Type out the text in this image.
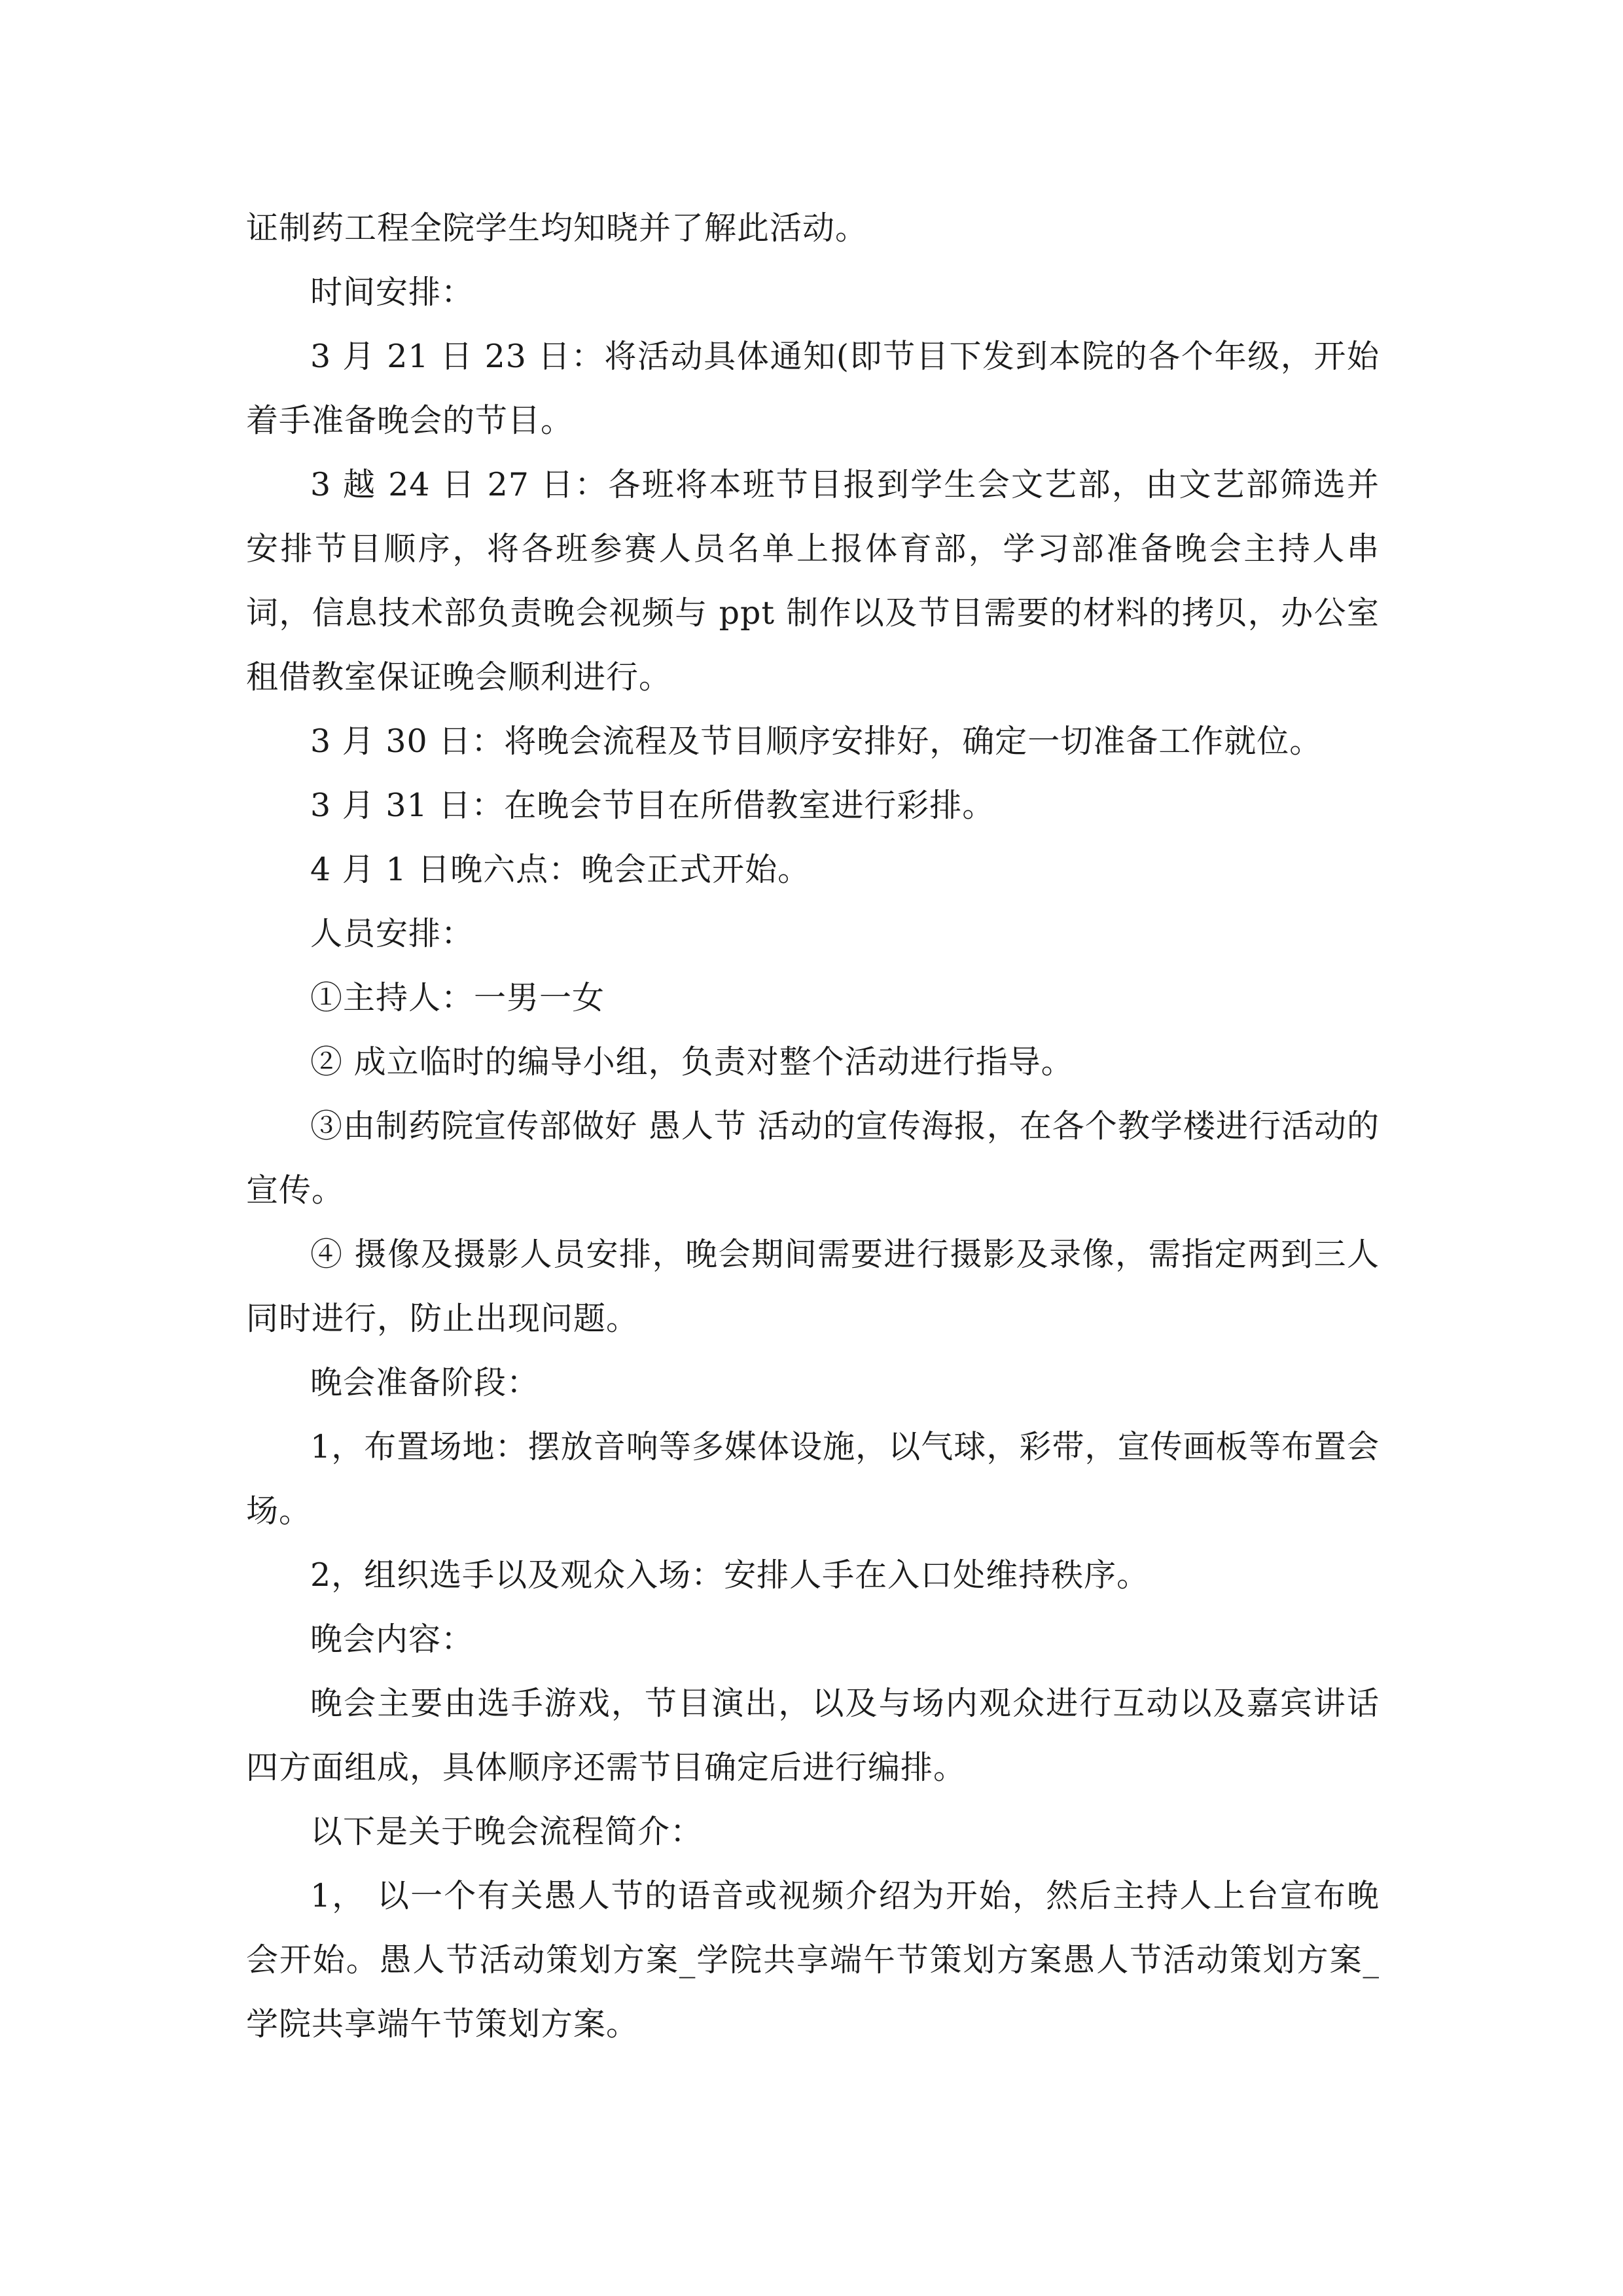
证制药工程全院学生均知晓并了解此活动。

时间安排：

3 月 21 日 23 日：将活动具体通知(即节目下发到本院的各个年级，开始着手准备晚会的节目。

3 越 24 日 27 日：各班将本班节目报到学生会文艺部，由文艺部筛选并安排节目顺序，将各班参赛人员名单上报体育部，学习部准备晚会主持人串词，信息技术部负责晚会视频与 ppt 制作以及节目需要的材料的拷贝，办公室租借教室保证晚会顺利进行。

3 月 30 日：将晚会流程及节目顺序安排好，确定一切准备工作就位。

3 月 31 日：在晚会节目在所借教室进行彩排。

4 月 1 日晚六点：晚会正式开始。

人员安排：

①主持人：一男一女

② 成立临时的编导小组，负责对整个活动进行指导。

③由制药院宣传部做好 愚人节 活动的宣传海报，在各个教学楼进行活动的宣传。

④ 摄像及摄影人员安排，晚会期间需要进行摄影及录像，需指定两到三人同时进行，防止出现问题。

晚会准备阶段：

1，布置场地：摆放音响等多媒体设施，以气球，彩带，宣传画板等布置会场。

2，组织选手以及观众入场：安排人手在入口处维持秩序。

晚会内容：

晚会主要由选手游戏，节目演出，以及与场内观众进行互动以及嘉宾讲话四方面组成，具体顺序还需节目确定后进行编排。

以下是关于晚会流程简介：

1， 以一个有关愚人节的语音或视频介绍为开始，然后主持人上台宣布晚会开始。愚人节活动策划方案_学院共享端午节策划方案愚人节活动策划方案_学院共享端午节策划方案。
